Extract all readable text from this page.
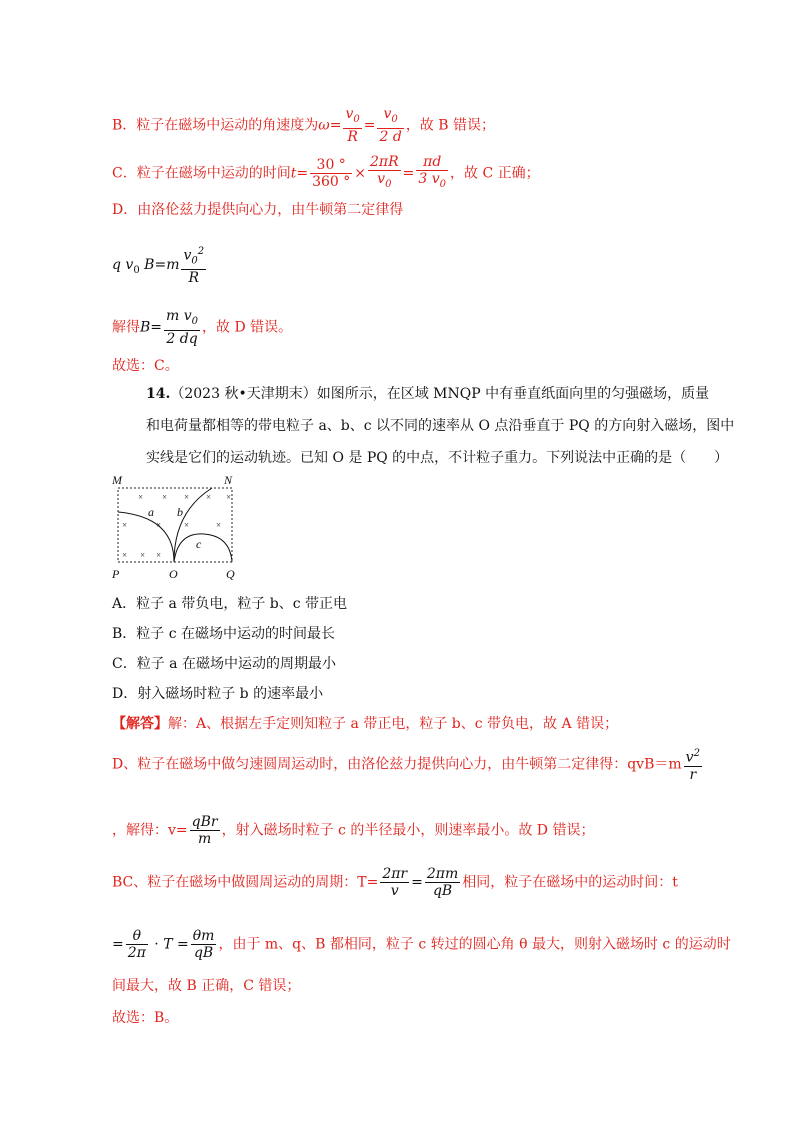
B．粒子在磁场中运动的角速度为$\omega= \frac{v_0}{R} = \frac{v_0}{2 d}$ ，故 B 错误；
C．粒子在磁场中运动的时间$t= \frac{30 ^\circ}{360 ^\circ} \times \frac{2\pi R}{v_0} = \frac{\pi d}{3 v_0}$ ，故 C 正确；
D．由洛伦兹力提供向心力，由牛顿第二定律得
q $v_0$ $B=m \frac{v_0^2}{R}$
解得$B= \frac{m v_0}{2 dq}$ ，故 D 错误。
故选：C。
14.（2023 秋•天津期末）如图所示，在区域 MNQP 中有垂直纸面向里的匀强磁场，质量
和电荷量都相等的带电粒子 a、b、c 以不同的速率从 O 点沿垂直于 PQ 的方向射入磁场，图中
实线是它们的运动轨迹。已知 O 是 PQ 的中点，不计粒子重力。下列说法中正确的是（　　）
× × × × ×
×	×	×	×
× × ×
M	N
P	O	Q
a b
c
A．粒子 a 带负电，粒子 b、c 带正电
B．粒子 c 在磁场中运动的时间最长
C．粒子 a 在磁场中运动的周期最小
D．射入磁场时粒子 b 的速率最小
【解答】解：A、根据左手定则知粒子 a 带正电，粒子 b、c 带负电，故 A 错误；
D、粒子在磁场中做匀速圆周运动时，由洛伦兹力提供向心力，由牛顿第二定律得：$qvB=m \frac{v^2}{r}$
，解得：$v= \frac{\text{qBr}}{m}$ ，射入磁场时粒子 c 的半径最小，则速率最小。故 D 错误；
BC、粒子在磁场中做圆周运动的周期：$T= \frac{2\pi r}{v} = \frac{2\pi m}{qB}$ 相同，粒子在磁场中的运动时间：t
= $\frac{\theta}{2\pi} \cdot T = \frac{\theta m}{qB}$ ，由于 m、q、B 都相同，粒子 c 转过的圆心角 θ 最大，则射入磁场时 c 的运动时
间最大，故 B 正确，C 错误；
故选：B。
